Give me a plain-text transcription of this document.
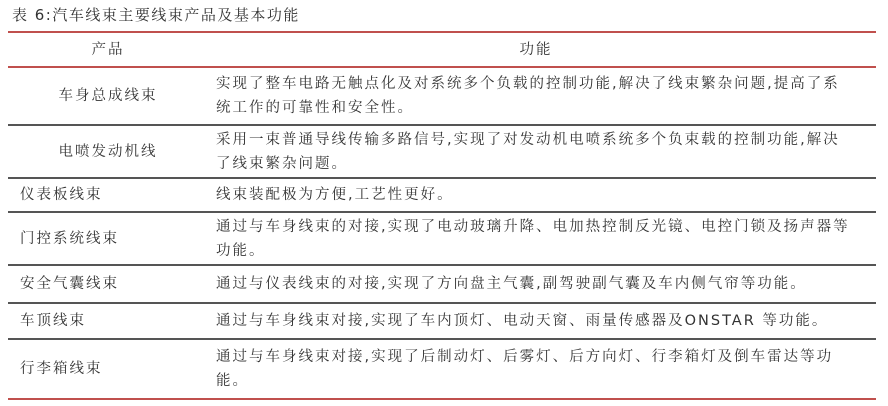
表 6:汽车线束主要线束产品及基本功能
产品	功能
车身总成线束	实现了整车电路无触点化及对系统多个负载的控制功能,解决了线束繁杂问题,提高了系统工作的可靠性和安全性。
电喷发动机线	采用一束普通导线传输多路信号,实现了对发动机电喷系统多个负束载的控制功能,解决了线束繁杂问题。
仪表板线束	线束装配极为方便,工艺性更好。
门控系统线束	通过与车身线束的对接,实现了电动玻璃升降、电加热控制反光镜、电控门锁及扬声器等功能。
安全气囊线束	通过与仪表线束的对接,实现了方向盘主气囊,副驾驶副气囊及车内侧气帘等功能。
车顶线束	通过与车身线束对接,实现了车内顶灯、电动天窗、雨量传感器及ONSTAR 等功能。
行李箱线束	通过与车身线束对接,实现了后制动灯、后雾灯、后方向灯、行李箱灯及倒车雷达等功能。
